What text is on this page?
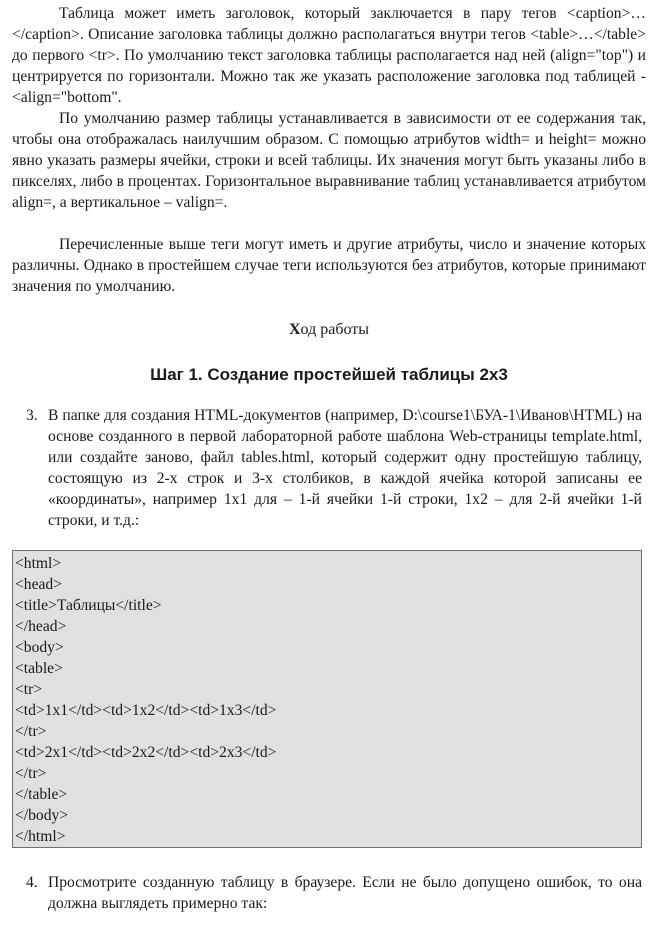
Таблица может иметь заголовок, который заключается в пару тегов <caption>…</caption>. Описание заголовка таблицы должно располагаться внутри тегов <table>…</table> до первого <tr>. По умолчанию текст заголовка таблицы располагается над ней (align="top") и центрируется по горизонтали. Можно так же указать расположение заголовка под таблицей - <align="bottom".

По умолчанию размер таблицы устанавливается в зависимости от ее содержания так, чтобы она отображалась наилучшим образом. С помощью атрибутов width= и height= можно явно указать размеры ячейки, строки и всей таблицы. Их значения могут быть указаны либо в пикселях, либо в процентах. Горизонтальное выравнивание таблиц устанавливается атрибутом align=, а вертикальное – valign=.

Перечисленные выше теги могут иметь и другие атрибуты, число и значение которых различны. Однако в простейшем случае теги используются без атрибутов, которые принимают значения по умолчанию.

Ход работы
Шаг 1. Создание простейшей таблицы 2x3
3. В папке для создания HTML-документов (например, D:\course1\БУА-1\Иванов\HTML) на основе созданного в первой лабораторной работе шаблона Web-страницы template.html, или создайте заново, файл tables.html, который содержит одну простейшую таблицу, состоящую из 2-х строк и 3-х столбиков, в каждой ячейка которой записаны ее «координаты», например 1x1 для – 1-й ячейки 1-й строки, 1x2 – для 2-й ячейки 1-й строки, и т.д.:

<html>

<head>

<title>Таблицы</title>

</head>

<body>

<table>

<tr>

<td>1x1</td><td>1x2</td><td>1x3</td>

</tr>

<td>2x1</td><td>2x2</td><td>2x3</td>

</tr>

</table>

</body>

</html>

4. Просмотрите созданную таблицу в браузере. Если не было допущено ошибок, то она должна выглядеть примерно так:
